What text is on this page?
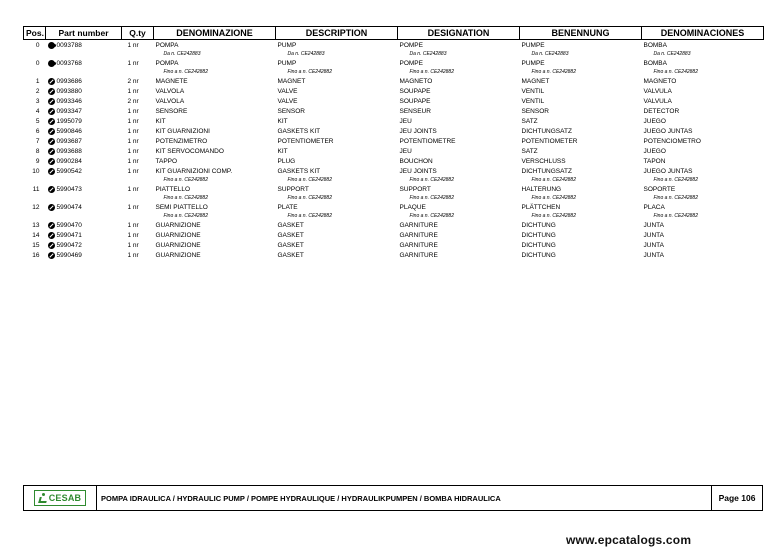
Pos.	Part number	Q.ty	DENOMINAZIONE	DESCRIPTION	DESIGNATION	BENENNUNG	DENOMINACIONES
0	0093788	1 nr	POMPA	PUMP	POMPE	PUMPE	BOMBA
			Da n. CE242883	Da n. CE242883	Da n. CE242883	Da n. CE242883	Da n. CE242883
0	0093768	1 nr	POMPA	PUMP	POMPE	PUMPE	BOMBA
			Fino a n. CE242882	Fino a n. CE242882	Fino a n. CE242882	Fino a n. CE242882	Fino a n. CE242882
1	0993686	2 nr	MAGNETE	MAGNET	MAGNETO	MAGNET	MAGNETO
2	0993880	1 nr	VALVOLA	VALVE	SOUPAPE	VENTIL	VALVULA
3	0993346	2 nr	VALVOLA	VALVE	SOUPAPE	VENTIL	VALVULA
4	0993347	1 nr	SENSORE	SENSOR	SENSEUR	SENSOR	DETECTOR
5	1995079	1 nr	KIT	KIT	JEU	SATZ	JUEGO
6	5990846	1 nr	KIT GUARNIZIONI	GASKETS KIT	JEU JOINTS	DICHTUNGSATZ	JUEGO JUNTAS
7	0993687	1 nr	POTENZIMETRO	POTENTIOMETER	POTENTIOMETRE	POTENTIOMETER	POTENCIOMETRO
8	0993688	1 nr	KIT SERVOCOMANDO	KIT	JEU	SATZ	JUEGO
9	0990284	1 nr	TAPPO	PLUG	BOUCHON	VERSCHLUSS	TAPON
10	5990542	1 nr	KIT GUARNIZIONI COMP.	GASKETS KIT	JEU JOINTS	DICHTUNGSATZ	JUEGO JUNTAS
			Fino a n. CE242882	Fino a n. CE242882	Fino a n. CE242882	Fino a n. CE242882	Fino a n. CE242882
11	5990473	1 nr	PIATTELLO	SUPPORT	SUPPORT	HALTERUNG	SOPORTE
			Fino a n. CE242882	Fino a n. CE242882	Fino a n. CE242882	Fino a n. CE242882	Fino a n. CE242882
12	5990474	1 nr	SEMI PIATTELLO	PLATE	PLAQUE	PLÄTTCHEN	PLACA
			Fino a n. CE242882	Fino a n. CE242882	Fino a n. CE242882	Fino a n. CE242882	Fino a n. CE242882
13	5990470	1 nr	GUARNIZIONE	GASKET	GARNITURE	DICHTUNG	JUNTA
14	5990471	1 nr	GUARNIZIONE	GASKET	GARNITURE	DICHTUNG	JUNTA
15	5990472	1 nr	GUARNIZIONE	GASKET	GARNITURE	DICHTUNG	JUNTA
16	5990469	1 nr	GUARNIZIONE	GASKET	GARNITURE	DICHTUNG	JUNTA
CESAB	POMPA IDRAULICA / HYDRAULIC PUMP / POMPE HYDRAULIQUE / HYDRAULIKPUMPEN / BOMBA HIDRAULICA	Page 106
www.epcatalogs.com
